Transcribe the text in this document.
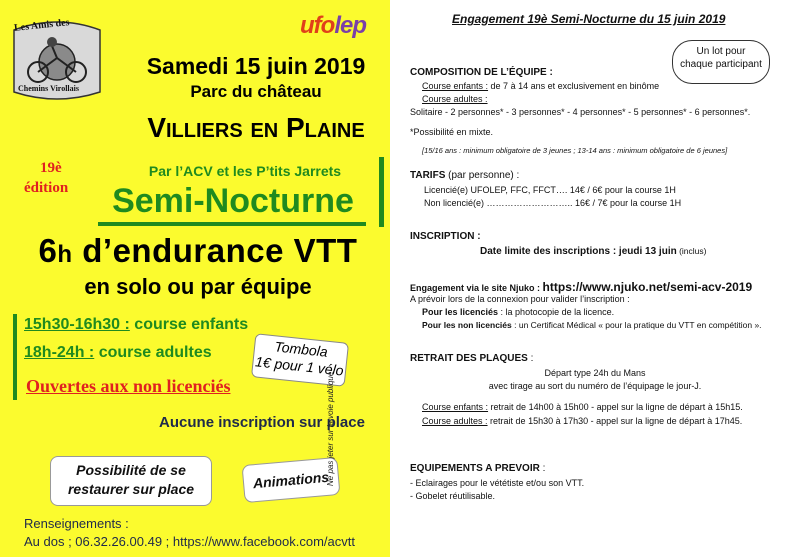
Les Amis des
Chemins Virollais
ufolep
Samedi 15 juin 2019
Parc du château
Villiers en Plaine
19è
édition
Par l’ACV et les P’tits Jarrets
Semi-Nocturne
6h d’endurance VTT
en solo ou par équipe
15h30-16h30 : course enfants
18h-24h : course adultes	Tombola
1€ pour 1 vélo
Ouvertes aux non licenciés
Aucune inscription sur place
Possibilité de se
restaurer sur place	Animations
Ne pas jeter sur la voie publique
Renseignements :
Au dos ; 06.32.26.00.49 ; https://www.facebook.com/acvtt
Engagement 19è Semi-Nocturne du 15 juin 2019
Un lot pour
chaque participant
COMPOSITION DE L’ÉQUIPE :
Course enfants : de 7 à 14 ans et exclusivement en binôme
Course adultes :
Solitaire - 2 personnes* - 3 personnes* - 4 personnes* - 5 personnes* - 6 personnes*.
*Possibilité en mixte.
[15/16 ans : minimum obligatoire de 3 jeunes ; 13-14 ans : minimum obligatoire de 6 jeunes]
TARIFS (par personne) :
Licencié(e) UFOLEP, FFC, FFCT…. 14€ / 6€ pour la course 1H
Non licencié(e) ……………………….. 16€ / 7€ pour la course 1H
INSCRIPTION :
Date limite des inscriptions : jeudi 13 juin (inclus)
Engagement via le site Njuko : https://www.njuko.net/semi-acv-2019
A prévoir lors de la connexion pour valider l’inscription :
Pour les licenciés : la photocopie de la licence.
Pour les non licenciés : un Certificat Médical « pour la pratique du VTT en compétition ».
RETRAIT DES PLAQUES :
Départ type 24h du Mans
avec tirage au sort du numéro de l’équipage le jour-J.
Course enfants : retrait de 14h00 à 15h00 - appel sur la ligne de départ à 15h15.
Course adultes : retrait de 15h30 à 17h30 - appel sur la ligne de départ à 17h45.
EQUIPEMENTS A PREVOIR :
- Eclairages pour le vététiste et/ou son VTT.
- Gobelet réutilisable.
